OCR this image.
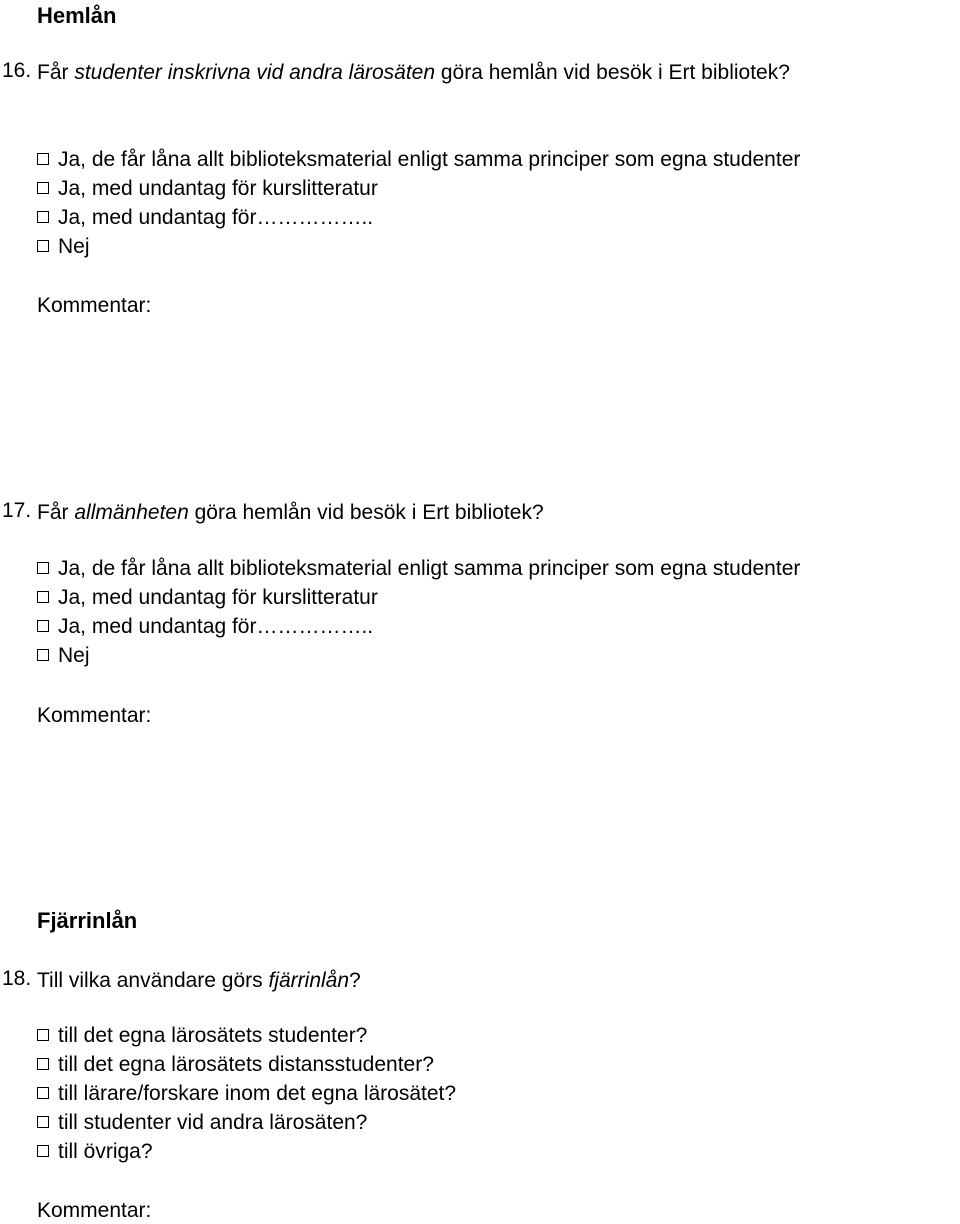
Hemlån
16. Får studenter inskrivna vid andra lärosäten göra hemlån vid besök i Ert bibliotek?
Ja, de får låna allt biblioteksmaterial enligt samma principer som egna studenter
Ja, med undantag för kurslitteratur
Ja, med undantag för……………..
Nej
Kommentar:
17. Får allmänheten göra hemlån vid besök i Ert bibliotek?
Ja, de får låna allt biblioteksmaterial enligt samma principer som egna studenter
Ja, med undantag för kurslitteratur
Ja, med undantag för……………..
Nej
Kommentar:
Fjärrinlån
18. Till vilka användare görs fjärrinlån?
till det egna lärosätets studenter?
till det egna lärosätets distansstudenter?
till lärare/forskare inom det egna lärosätet?
till studenter vid andra lärosäten?
till övriga?
Kommentar:
